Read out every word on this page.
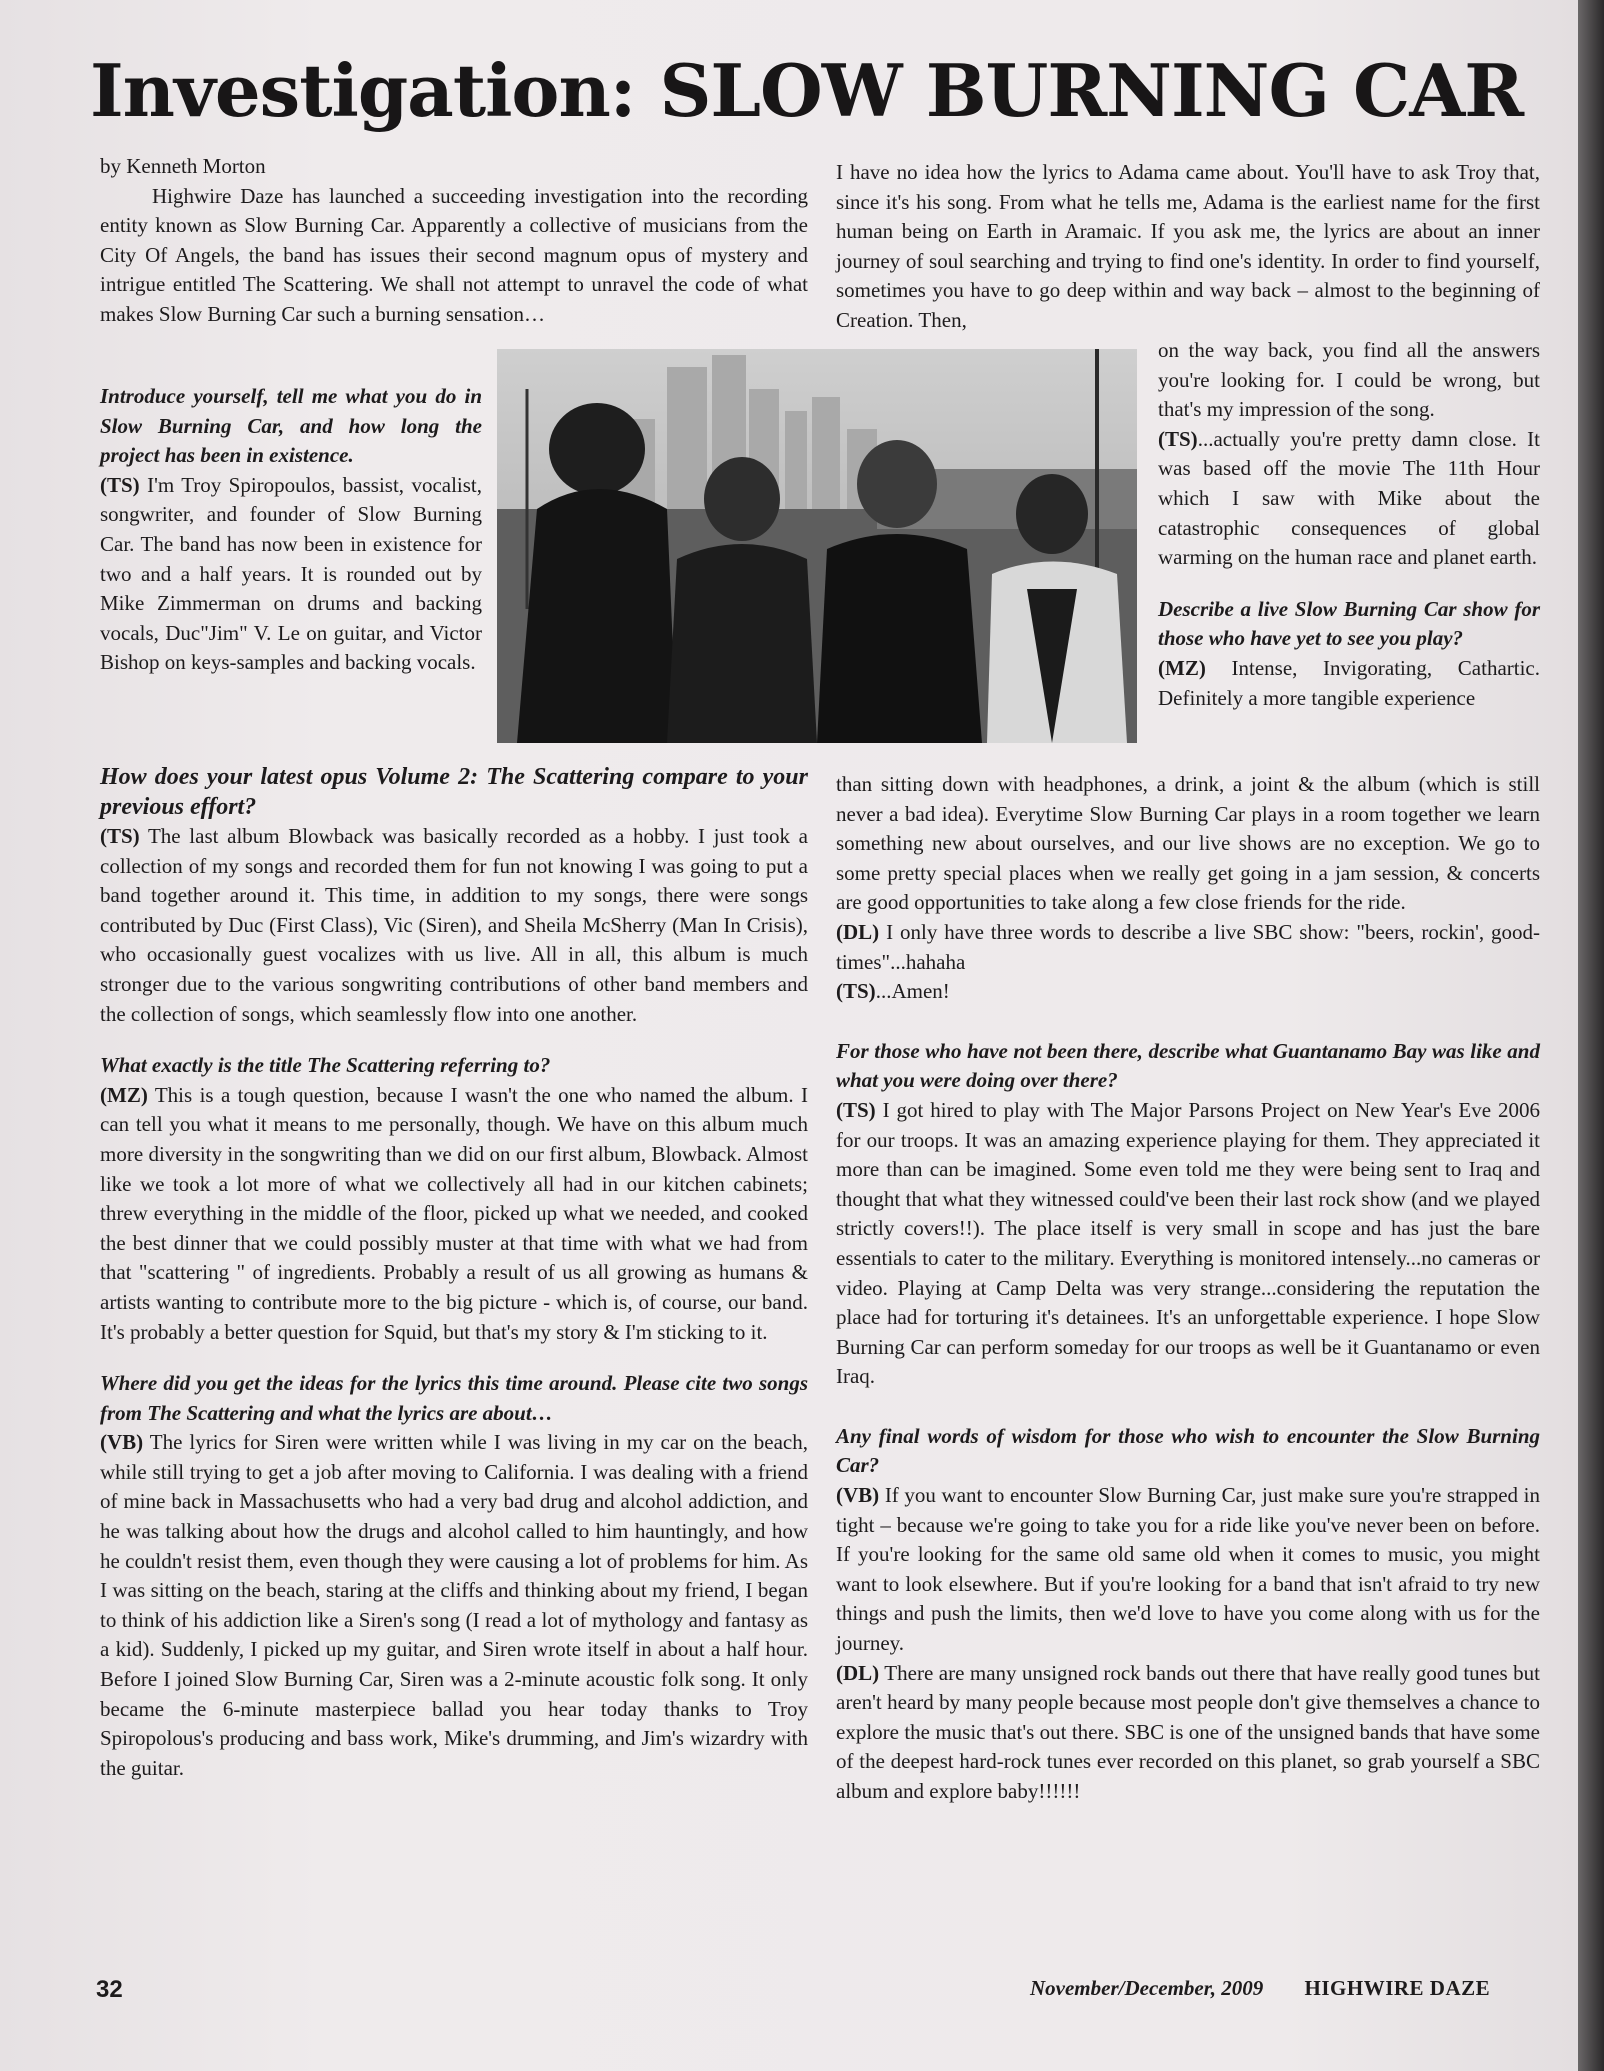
Investigation: SLOW BURNING CAR

by Kenneth Morton

Highwire Daze has launched a succeeding investigation into the recording entity known as Slow Burning Car. Apparently a collective of musicians from the City Of Angels, the band has issues their second magnum opus of mystery and intrigue entitled The Scattering. We shall not attempt to unravel the code of what makes Slow Burning Car such a burning sensation…

Introduce yourself, tell me what you do in Slow Burning Car, and how long the project has been in existence.

(TS) I'm Troy Spiropoulos, bassist, vocalist, songwriter, and founder of Slow Burning Car. The band has now been in existence for two and a half years. It is rounded out by Mike Zimmerman on drums and backing vocals, Duc"Jim" V. Le on guitar, and Victor Bishop on keys-samples and backing vocals.

How does your latest opus Volume 2: The Scattering compare to your previous effort?

(TS) The last album Blowback was basically recorded as a hobby. I just took a collection of my songs and recorded them for fun not knowing I was going to put a band together around it. This time, in addition to my songs, there were songs contributed by Duc (First Class), Vic (Siren), and Sheila McSherry (Man In Crisis), who occasionally guest vocalizes with us live. All in all, this album is much stronger due to the various songwriting contributions of other band members and the collection of songs, which seamlessly flow into one another.

What exactly is the title The Scattering referring to?

(MZ) This is a tough question, because I wasn't the one who named the album. I can tell you what it means to me personally, though. We have on this album much more diversity in the songwriting than we did on our first album, Blowback. Almost like we took a lot more of what we collectively all had in our kitchen cabinets; threw everything in the middle of the floor, picked up what we needed, and cooked the best dinner that we could possibly muster at that time with what we had from that "scattering " of ingredients. Probably a result of us all growing as humans & artists wanting to contribute more to the big picture - which is, of course, our band. It's probably a better question for Squid, but that's my story & I'm sticking to it.

Where did you get the ideas for the lyrics this time around. Please cite two songs from The Scattering and what the lyrics are about…

(VB) The lyrics for Siren were written while I was living in my car on the beach, while still trying to get a job after moving to California. I was dealing with a friend of mine back in Massachusetts who had a very bad drug and alcohol addiction, and he was talking about how the drugs and alcohol called to him hauntingly, and how he couldn't resist them, even though they were causing a lot of problems for him. As I was sitting on the beach, staring at the cliffs and thinking about my friend, I began to think of his addiction like a Siren's song (I read a lot of mythology and fantasy as a kid). Suddenly, I picked up my guitar, and Siren wrote itself in about a half hour. Before I joined Slow Burning Car, Siren was a 2-minute acoustic folk song. It only became the 6-minute masterpiece ballad you hear today thanks to Troy Spiropolous's producing and bass work, Mike's drumming, and Jim's wizardry with the guitar.

I have no idea how the lyrics to Adama came about. You'll have to ask Troy that, since it's his song. From what he tells me, Adama is the earliest name for the first human being on Earth in Aramaic. If you ask me, the lyrics are about an inner journey of soul searching and trying to find one's identity. In order to find yourself, sometimes you have to go deep within and way back – almost to the beginning of Creation. Then,

on the way back, you find all the answers you're looking for. I could be wrong, but that's my impression of the song.

(TS)...actually you're pretty damn close. It was based off the movie The 11th Hour which I saw with Mike about the catastrophic consequences of global warming on the human race and planet earth.

Describe a live Slow Burning Car show for those who have yet to see you play?

(MZ) Intense, Invigorating, Cathartic. Definitely a more tangible experience

than sitting down with headphones, a drink, a joint & the album (which is still never a bad idea). Everytime Slow Burning Car plays in a room together we learn something new about ourselves, and our live shows are no exception. We go to some pretty special places when we really get going in a jam session, & concerts are good opportunities to take along a few close friends for the ride.

(DL) I only have three words to describe a live SBC show: "beers, rockin', good-times"...hahaha

(TS)...Amen!

For those who have not been there, describe what Guantanamo Bay was like and what you were doing over there?

(TS) I got hired to play with The Major Parsons Project on New Year's Eve 2006 for our troops. It was an amazing experience playing for them. They appreciated it more than can be imagined. Some even told me they were being sent to Iraq and thought that what they witnessed could've been their last rock show (and we played strictly covers!!). The place itself is very small in scope and has just the bare essentials to cater to the military. Everything is monitored intensely...no cameras or video. Playing at Camp Delta was very strange...considering the reputation the place had for torturing it's detainees. It's an unforgettable experience. I hope Slow Burning Car can perform someday for our troops as well be it Guantanamo or even Iraq.

Any final words of wisdom for those who wish to encounter the Slow Burning Car?

(VB) If you want to encounter Slow Burning Car, just make sure you're strapped in tight – because we're going to take you for a ride like you've never been on before. If you're looking for the same old same old when it comes to music, you might want to look elsewhere. But if you're looking for a band that isn't afraid to try new things and push the limits, then we'd love to have you come along with us for the journey.

(DL) There are many unsigned rock bands out there that have really good tunes but aren't heard by many people because most people don't give themselves a chance to explore the music that's out there. SBC is one of the unsigned bands that have some of the deepest hard-rock tunes ever recorded on this planet, so grab yourself a SBC album and explore baby!!!!!!

32	November/December, 2009 HIGHWIRE DAZE
